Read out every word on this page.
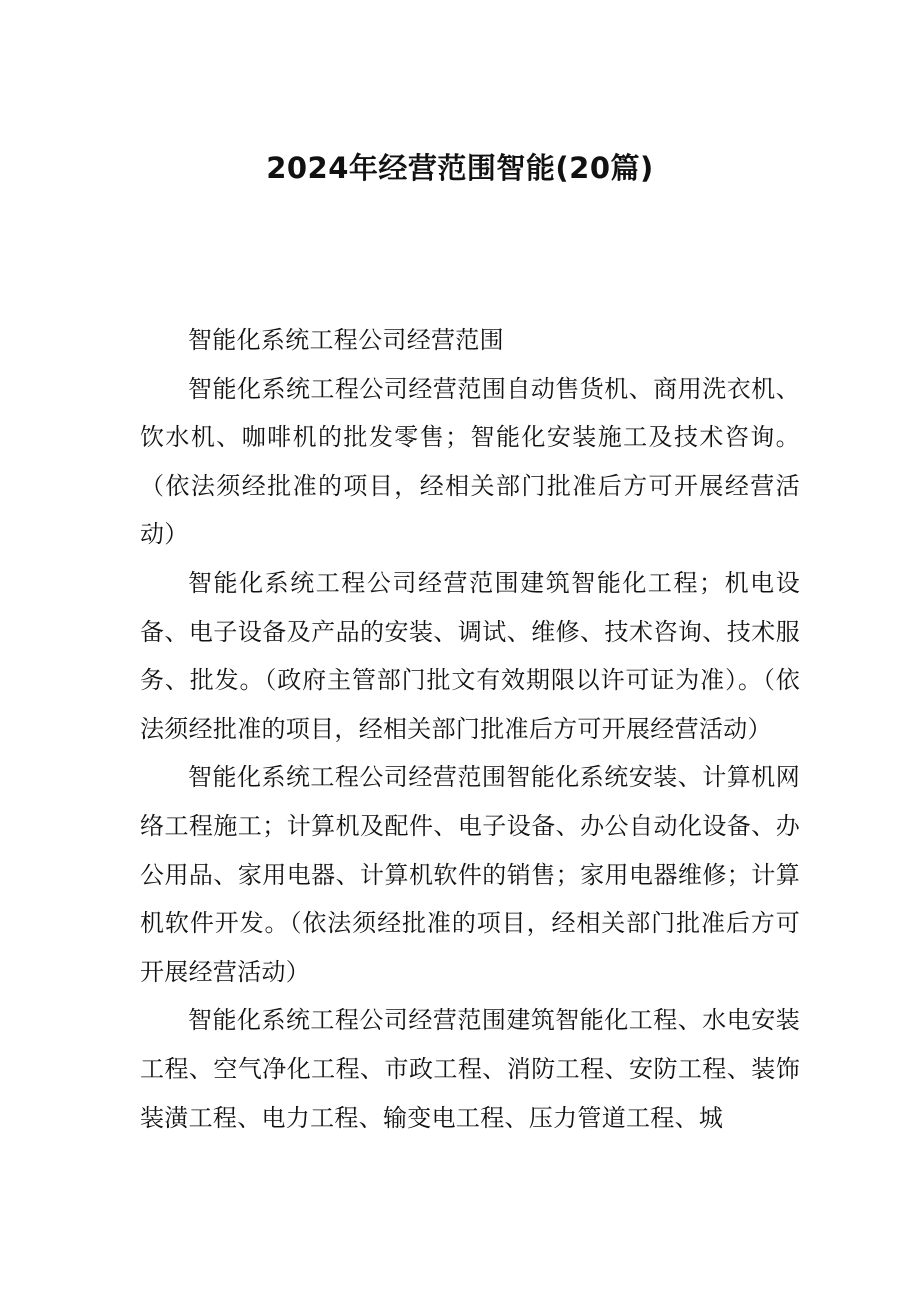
2024年经营范围智能(20篇)

智能化系统工程公司经营范围

智能化系统工程公司经营范围自动售货机、商用洗衣机、饮水机、咖啡机的批发零售；智能化安装施工及技术咨询。（依法须经批准的项目，经相关部门批准后方可开展经营活动）

智能化系统工程公司经营范围建筑智能化工程；机电设备、电子设备及产品的安装、调试、维修、技术咨询、技术服务、批发。（政府主管部门批文有效期限以许可证为准）。（依法须经批准的项目，经相关部门批准后方可开展经营活动）

智能化系统工程公司经营范围智能化系统安装、计算机网络工程施工；计算机及配件、电子设备、办公自动化设备、办公用品、家用电器、计算机软件的销售；家用电器维修；计算机软件开发。（依法须经批准的项目，经相关部门批准后方可开展经营活动）

智能化系统工程公司经营范围建筑智能化工程、水电安装工程、空气净化工程、市政工程、消防工程、安防工程、装饰装潢工程、电力工程、输变电工程、压力管道工程、城
